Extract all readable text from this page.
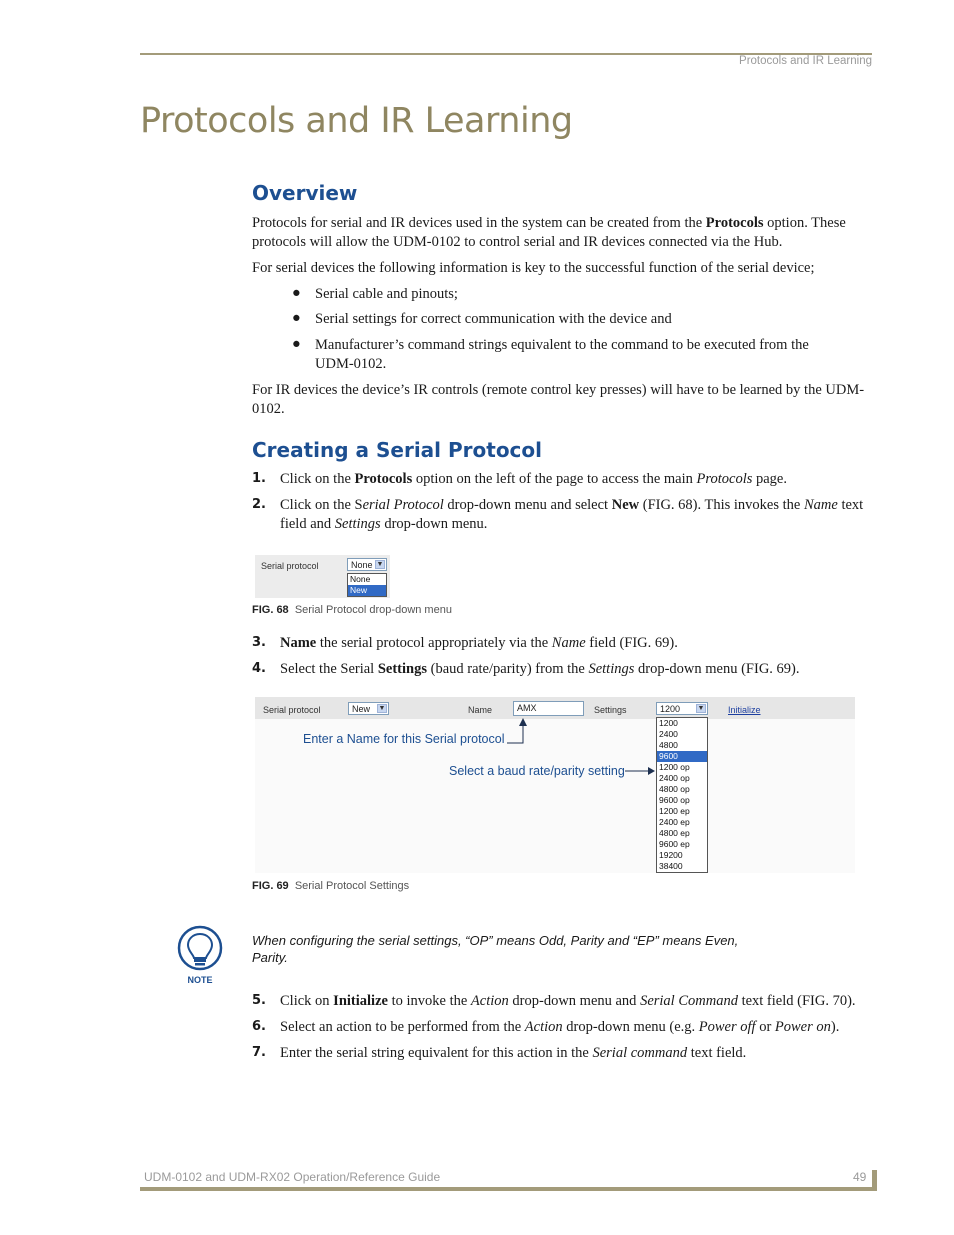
Protocols and IR Learning
Protocols and IR Learning
Overview

Protocols for serial and IR devices used in the system can be created from the Protocols option. These
protocols will allow the UDM-0102 to control serial and IR devices connected via the Hub.

For serial devices the following information is key to the successful function of the serial device;

● Serial cable and pinouts;
● Serial settings for correct communication with the device and
● Manufacturer’s command strings equivalent to the command to be executed from the
UDM-0102.

For IR devices the device’s IR controls (remote control key presses) will have to be learned by the UDM-
0102.

Creating a Serial Protocol
1. Click on the Protocols option on the left of the page to access the main Protocols page.
2. Click on the Serial Protocol drop-down menu and select New (FIG. 68). This invokes the Name text
field and Settings drop-down menu.
Serial protocol	None ▼
None
New
FIG. 68 Serial Protocol drop-down menu
3. Name the serial protocol appropriately via the Name field (FIG. 69).
4. Select the Serial Settings (baud rate/parity) from the Settings drop-down menu (FIG. 69).
Serial protocol	New ▼	Name	AMX	Settings	1200	▼	Initialize
1200
2400
4800
9600
1200 op
2400 op
4800 op
9600 op
1200 ep
2400 ep
4800 ep
9600 ep
19200
38400
Enter a Name for this Serial protocol
Select a baud rate/parity setting
FIG. 69 Serial Protocol Settings
NOTE
When configuring the serial settings, “OP” means Odd, Parity and “EP” means Even,
Parity.
5. Click on Initialize to invoke the Action drop-down menu and Serial Command text field (FIG. 70).
6. Select an action to be performed from the Action drop-down menu (e.g. Power off or Power on).
7. Enter the serial string equivalent for this action in the Serial command text field.
UDM-0102 and UDM-RX02 Operation/Reference Guide	49
